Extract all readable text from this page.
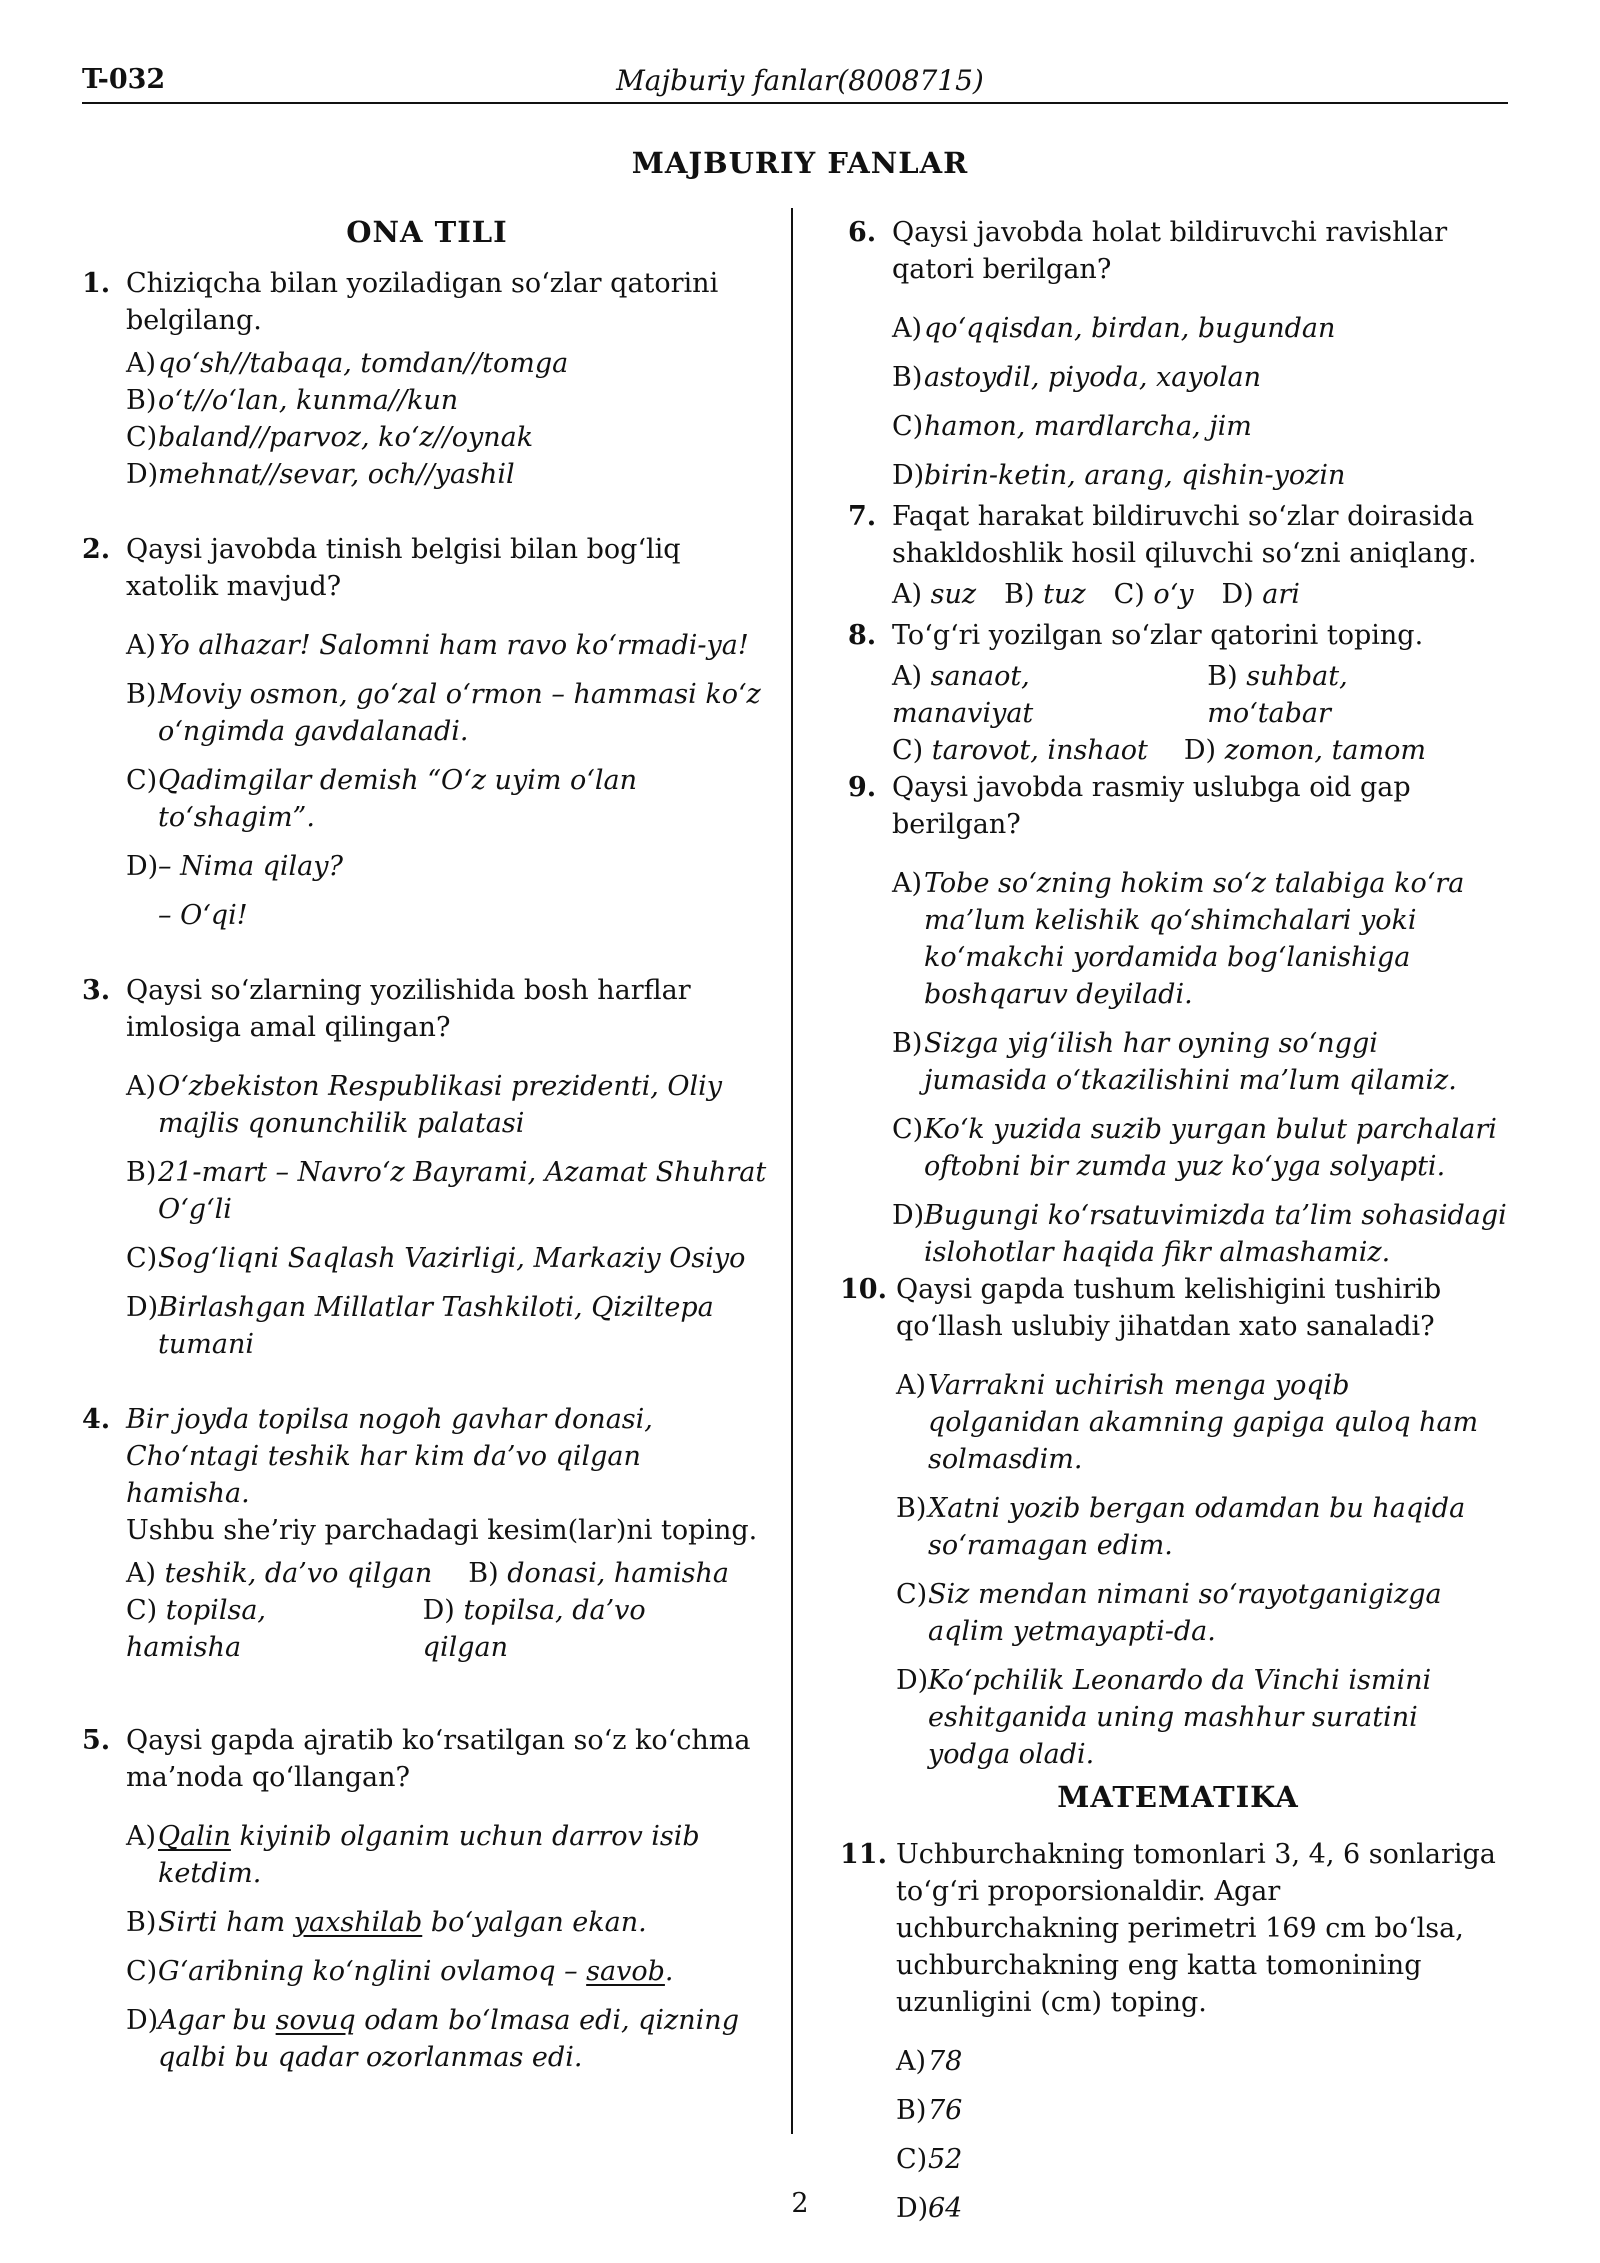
T-032	Majburiy fanlar(8008715)
MAJBURIY FANLAR
ONA TILI
1. Chiziqcha bilan yoziladigan so‘zlar qatorini belgilang.
A) qo‘sh//tabaqa, tomdan//tomga
B) o‘t//o‘lan, kunma//kun
C) baland//parvoz, ko‘z//oynak
D) mehnat//sevar, och//yashil
2. Qaysi javobda tinish belgisi bilan bog‘liq xatolik mavjud?
A) Yo alhazar! Salomni ham ravo ko‘rmadi-ya!
B) Moviy osmon, go‘zal o‘rmon – hammasi ko‘z o‘ngimda gavdalanadi.
C) Qadimgilar demish “O‘z uyim o‘lan to‘shagim”.
D) – Nima qilay?
– O‘qi!
3. Qaysi so‘zlarning yozilishida bosh harflar imlosiga amal qilingan?
A) O‘zbekiston Respublikasi prezidenti, Oliy majlis qonunchilik palatasi
B) 21-mart – Navro‘z Bayrami, Azamat Shuhrat O‘g‘li
C) Sog‘liqni Saqlash Vazirligi, Markaziy Osiyo
D) Birlashgan Millatlar Tashkiloti, Qiziltepa tumani
4. Bir joyda topilsa nogoh gavhar donasi,
Cho‘ntagi teshik har kim da’vo qilgan hamisha.
Ushbu she’riy parchadagi kesim(lar)ni toping.
A) teshik, da’vo qilgan B) donasi, hamisha
C) topilsa, hamisha
D) topilsa, da’vo qilgan
5. Qaysi gapda ajratib ko‘rsatilgan so‘z ko‘chma ma’noda qo‘llangan?
A) Qalin kiyinib olganim uchun darrov isib ketdim.
B) Sirti ham yaxshilab bo‘yalgan ekan.
C) G‘aribning ko‘nglini ovlamoq – savob.
D) Agar bu sovuq odam bo‘lmasa edi, qizning qalbi bu qadar ozorlanmas edi.
6. Qaysi javobda holat bildiruvchi ravishlar qatori berilgan?
A) qo‘qqisdan, birdan, bugundan
B) astoydil, piyoda, xayolan
C) hamon, mardlarcha, jim
D) birin-ketin, arang, qishin-yozin
7. Faqat harakat bildiruvchi so‘zlar doirasida shakldoshlik hosil qiluvchi so‘zni aniqlang.
A) suz B) tuz C) o‘y D) ari
8. To‘g‘ri yozilgan so‘zlar qatorini toping.
A) sanaot, manaviyat
B) suhbat, mo‘tabar
C) tarovot, inshaot D) zomon, tamom
9. Qaysi javobda rasmiy uslubga oid gap berilgan?
A) Tobe so‘zning hokim so‘z talabiga ko‘ra ma’lum kelishik qo‘shimchalari yoki ko‘makchi yordamida bog‘lanishiga boshqaruv deyiladi.
B) Sizga yig‘ilish har oyning so‘nggi jumasida o‘tkazilishini ma’lum qilamiz.
C) Ko‘k yuzida suzib yurgan bulut parchalari oftobni bir zumda yuz ko‘yga solyapti.
D) Bugungi ko‘rsatuvimizda ta’lim sohasidagi islohotlar haqida fikr almashamiz.
10. Qaysi gapda tushum kelishigini tushirib qo‘llash uslubiy jihatdan xato sanaladi?
A) Varrakni uchirish menga yoqib qolganidan akamning gapiga quloq ham solmasdim.
B) Xatni yozib bergan odamdan bu haqida so‘ramagan edim.
C) Siz mendan nimani so‘rayotganigizga aqlim yetmayapti-da.
D) Ko‘pchilik Leonardo da Vinchi ismini eshitganida uning mashhur suratini yodga oladi.
MATEMATIKA
11. Uchburchakning tomonlari 3, 4, 6 sonlariga to‘g‘ri proporsionaldir. Agar uchburchakning perimetri 169 cm bo‘lsa, uchburchakning eng katta tomonining uzunligini (cm) toping.
A) 78
B) 76
C) 52
D) 64
2
